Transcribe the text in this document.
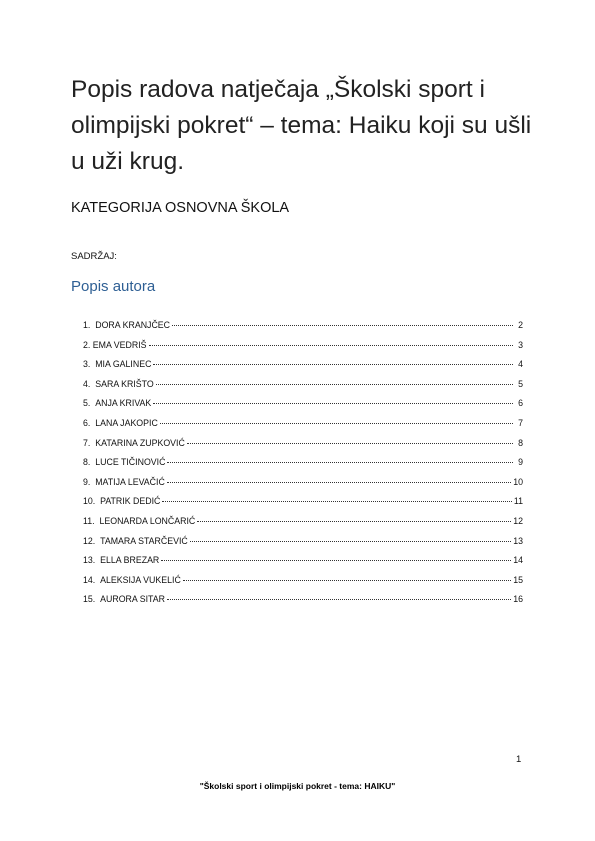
Popis radova natječaja „Školski sport i olimpijski pokret“ – tema: Haiku koji su ušli u uži krug.
KATEGORIJA OSNOVNA ŠKOLA
SADRŽAJ:
Popis autora
1. DORA KRANJČEC	2
2. EMA VEDRIŠ	3
3. MIA GALINEC	4
4. SARA KRIŠTO	5
5. ANJA KRIVAK	6
6. LANA JAKOPIC	7
7. KATARINA ZUPKOVIĆ	8
8. LUCE TIČINOVIĆ	9
9. MATIJA LEVAČIĆ	10
10. PATRIK DEDIĆ	11
11. LEONARDA LONČARIĆ	12
12. TAMARA STARČEVIĆ	13
13. ELLA BREZAR	14
14. ALEKSIJA VUKELIĆ	15
15. AURORA SITAR	16
1
"Školski sport i olimpijski pokret - tema: HAIKU"
